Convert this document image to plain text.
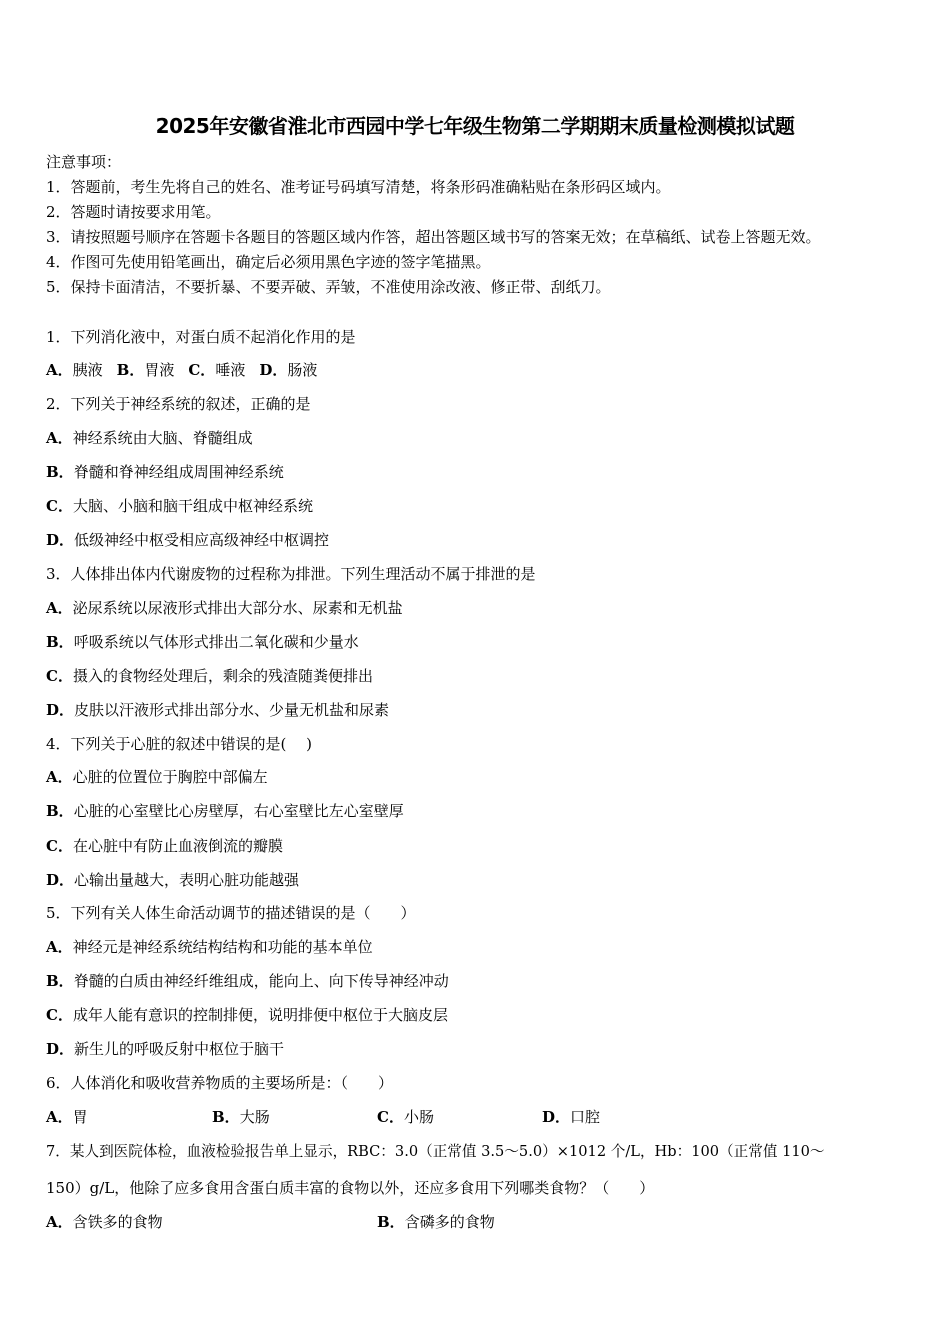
2025年安徽省淮北市西园中学七年级生物第二学期期末质量检测模拟试题
注意事项：
1．答题前，考生先将自己的姓名、准考证号码填写清楚，将条形码准确粘贴在条形码区域内。
2．答题时请按要求用笔。
3．请按照题号顺序在答题卡各题目的答题区域内作答，超出答题区域书写的答案无效；在草稿纸、试卷上答题无效。
4．作图可先使用铅笔画出，确定后必须用黑色字迹的签字笔描黑。
5．保持卡面清洁，不要折暴、不要弄破、弄皱，不准使用涂改液、修正带、刮纸刀。
1．下列消化液中，对蛋白质不起消化作用的是
A．胰液 B．胃液 C．唾液 D．肠液
2．下列关于神经系统的叙述，正确的是
A．神经系统由大脑、脊髓组成
B．脊髓和脊神经组成周围神经系统
C．大脑、小脑和脑干组成中枢神经系统
D．低级神经中枢受相应高级神经中枢调控
3．人体排出体内代谢废物的过程称为排泄。下列生理活动不属于排泄的是
A．泌尿系统以尿液形式排出大部分水、尿素和无机盐
B．呼吸系统以气体形式排出二氧化碳和少量水
C．摄入的食物经处理后，剩余的残渣随粪便排出
D．皮肤以汗液形式排出部分水、少量无机盐和尿素
4．下列关于心脏的叙述中错误的是(　 )
A．心脏的位置位于胸腔中部偏左
B．心脏的心室壁比心房壁厚，右心室壁比左心室壁厚
C．在心脏中有防止血液倒流的瓣膜
D．心输出量越大，表明心脏功能越强
5．下列有关人体生命活动调节的描述错误的是（　　）
A．神经元是神经系统结构结构和功能的基本单位
B．脊髓的白质由神经纤维组成，能向上、向下传导神经冲动
C．成年人能有意识的控制排便，说明排便中枢位于大脑皮层
D．新生儿的呼吸反射中枢位于脑干
6．人体消化和吸收营养物质的主要场所是：（　　）
A．胃	B．大肠	C．小肠	D．口腔
7．某人到医院体检，血液检验报告单上显示，RBC：3.0（正常值 3.5～5.0）×1012 个/L，Hb：100（正常值 110～
150）g/L，他除了应多食用含蛋白质丰富的食物以外，还应多食用下列哪类食物？（　　）
A．含铁多的食物	B．含磷多的食物
